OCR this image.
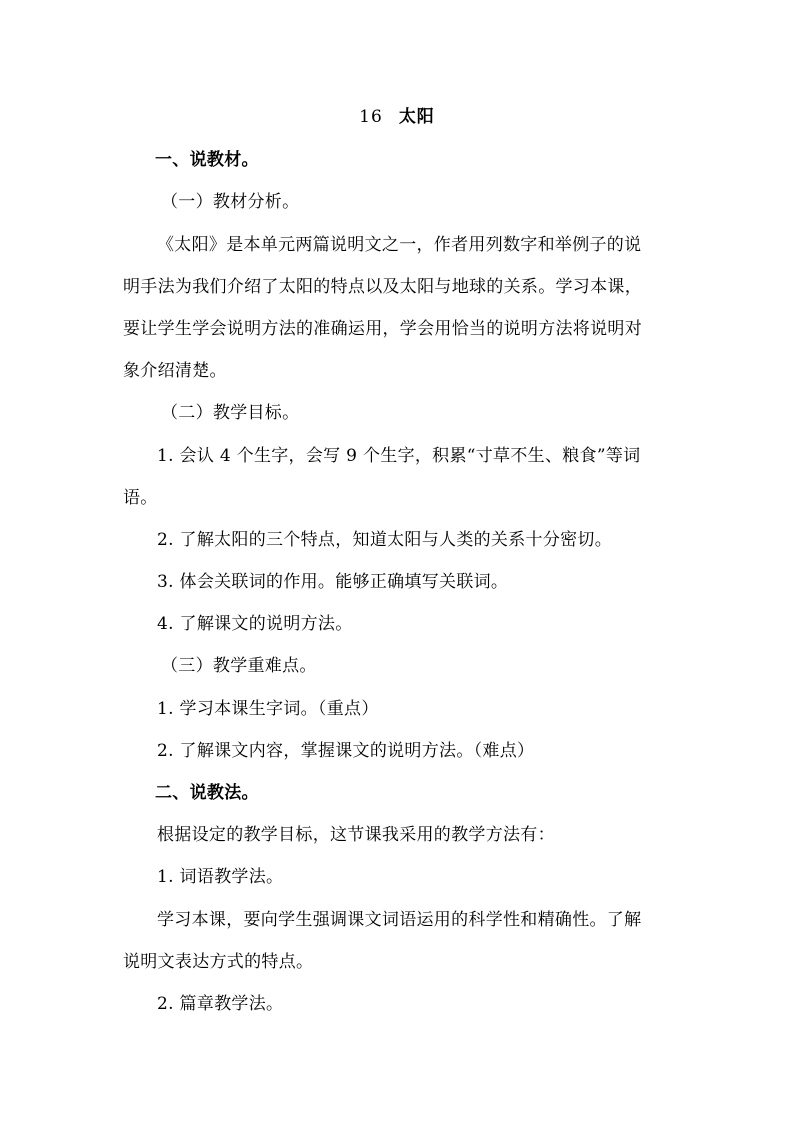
16 太阳
一、说教材。
（一）教材分析。
《太阳》是本单元两篇说明文之一，作者用列数字和举例子的说
明手法为我们介绍了太阳的特点以及太阳与地球的关系。学习本课，
要让学生学会说明方法的准确运用，学会用恰当的说明方法将说明对
象介绍清楚。
（二）教学目标。
1. 会认 4 个生字，会写 9 个生字，积累“寸草不生、粮食”等词
语。
2. 了解太阳的三个特点，知道太阳与人类的关系十分密切。
3. 体会关联词的作用。能够正确填写关联词。
4. 了解课文的说明方法。
（三）教学重难点。
1. 学习本课生字词。（重点）
2. 了解课文内容，掌握课文的说明方法。（难点）
二、说教法。
根据设定的教学目标，这节课我采用的教学方法有：
1. 词语教学法。
学习本课，要向学生强调课文词语运用的科学性和精确性。了解
说明文表达方式的特点。
2. 篇章教学法。
